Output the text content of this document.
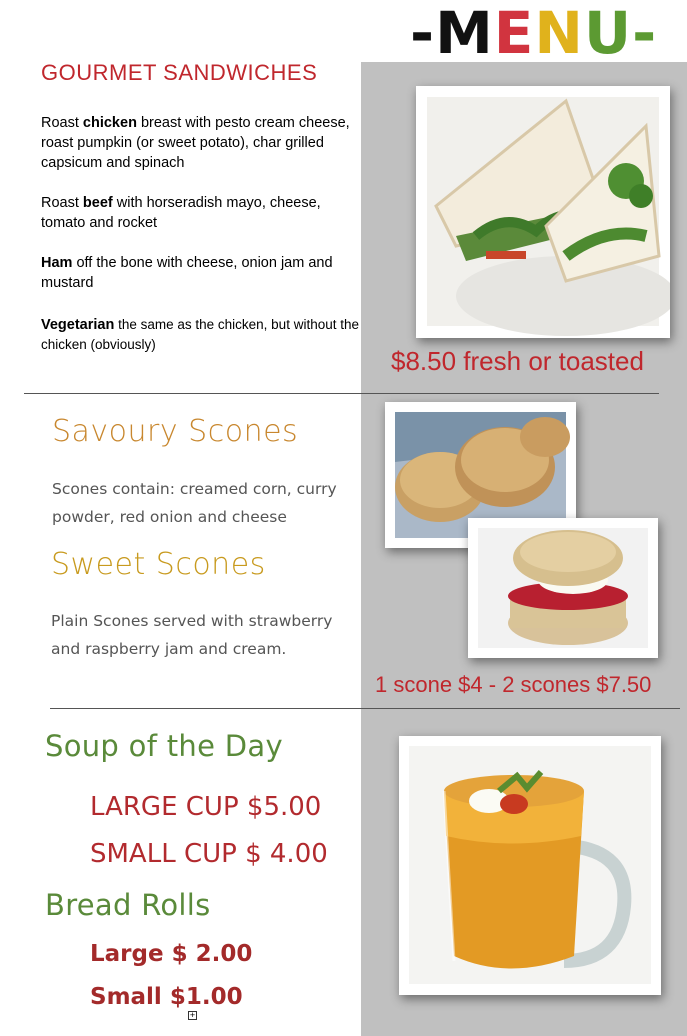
-MENU-
GOURMET SANDWICHES
Roast chicken breast with pesto cream cheese, roast pumpkin (or sweet potato), char grilled capsicum and spinach
Roast beef with horseradish mayo, cheese, tomato and rocket
Ham off the bone with cheese, onion jam and mustard
Vegetarian the same as the chicken, but without the chicken (obviously)
$8.50 fresh or toasted
Savoury Scones
Scones contain: creamed corn, curry powder, red onion and cheese
Sweet Scones
Plain Scones served with strawberry and raspberry jam and cream.
1 scone $4 - 2 scones $7.50
Soup of the Day
LARGE CUP $5.00
SMALL CUP $ 4.00
Bread Rolls
Large $ 2.00
Small $1.00
+
